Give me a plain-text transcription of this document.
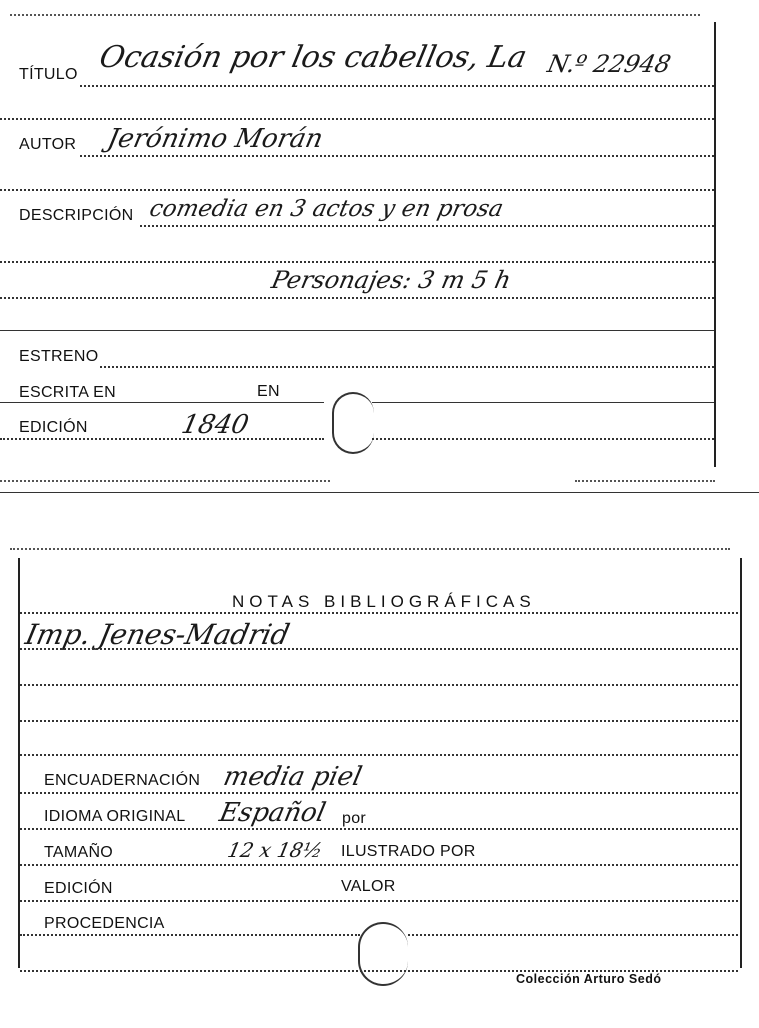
TÍTULO Ocasión por los cabellos, La N.º 22948
AUTOR Jerónimo Morán
DESCRIPCIÓN comedia en 3 actos y en prosa
Personajes: 3 m 5 h
ESTRENO
ESCRITA EN	EN
EDICIÓN	1840
NOTAS BIBLIOGRÁFICAS
Imp. Jenes-Madrid
ENCUADERNACIÓN media piel
IDIOMA ORIGINAL Español por
TAMAÑO	12 x 18½ ILUSTRADO POR
EDICIÓN	VALOR
PROCEDENCIA
Colección Arturo Sedó
